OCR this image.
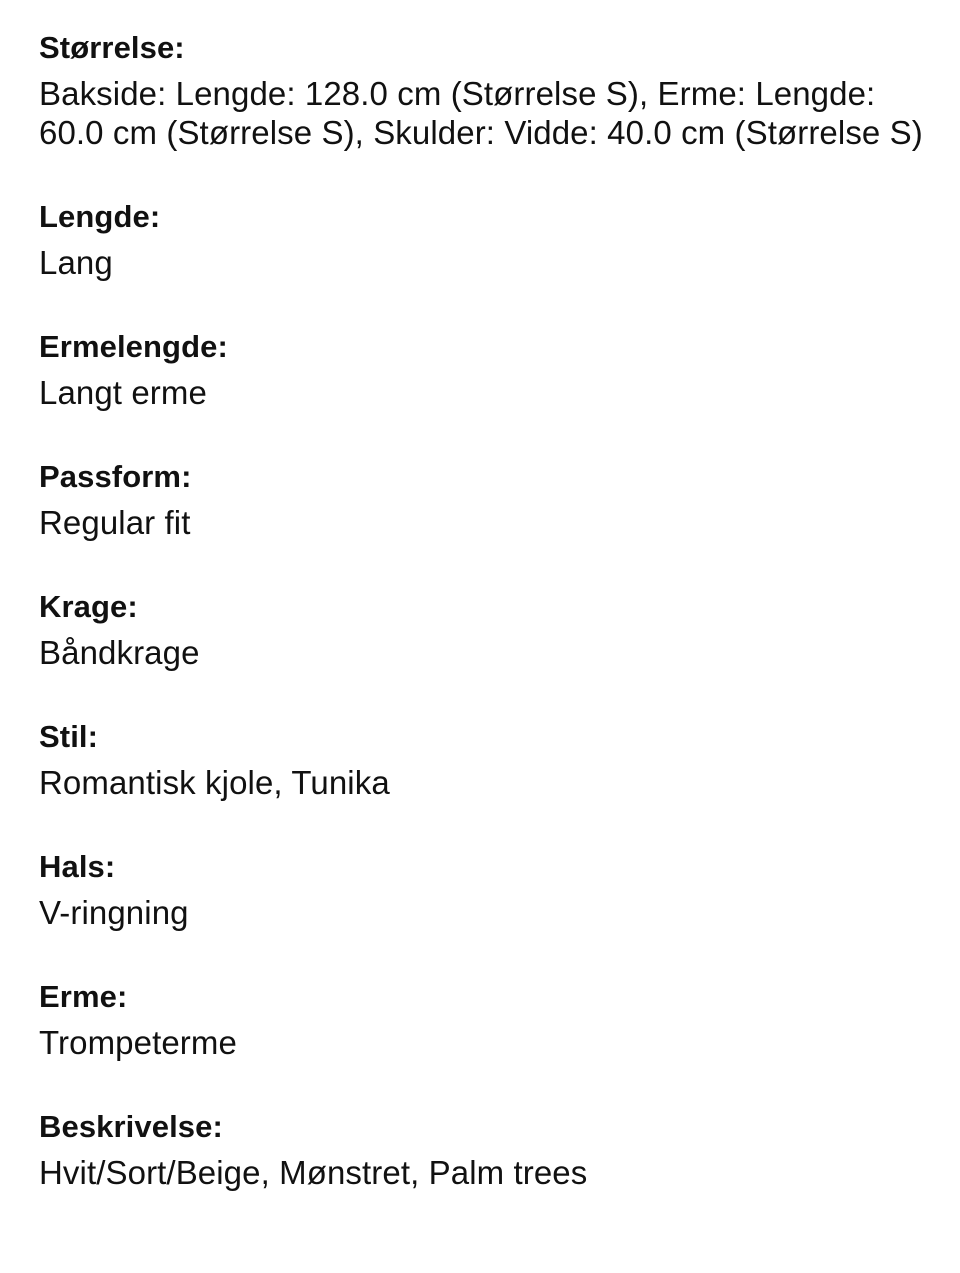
Størrelse:
Bakside: Lengde: 128.0 cm (Størrelse S), Erme: Lengde: 60.0 cm (Størrelse S), Skulder: Vidde: 40.0 cm (Størrelse S)
Lengde:
Lang
Ermelengde:
Langt erme
Passform:
Regular fit
Krage:
Båndkrage
Stil:
Romantisk kjole, Tunika
Hals:
V-ringning
Erme:
Trompeterme
Beskrivelse:
Hvit/Sort/Beige, Mønstret, Palm trees
